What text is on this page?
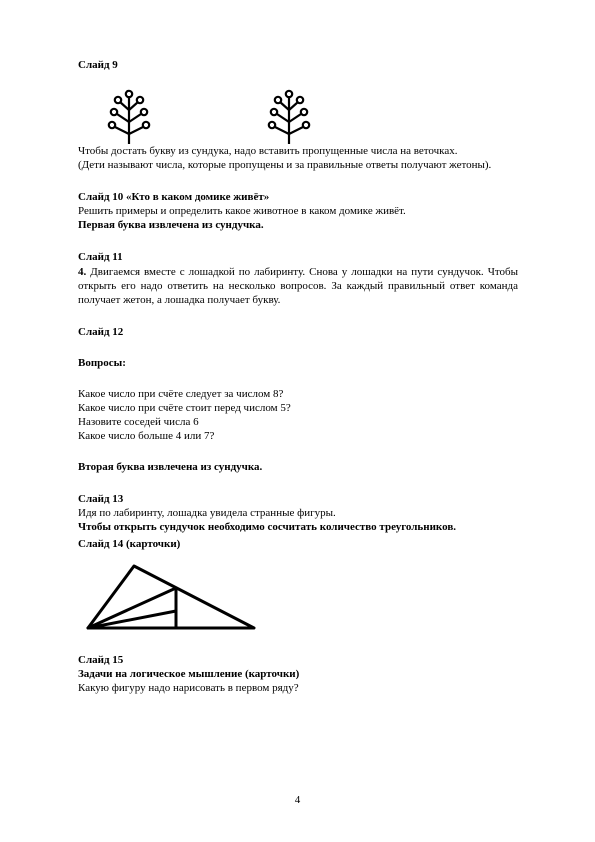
Слайд 9
Чтобы достать букву из сундука, надо вставить пропущенные числа на веточках.
(Дети называют числа, которые пропущены и за правильные ответы получают жетоны).
Слайд 10 «Кто в каком домике живёт»
Решить примеры и определить какое животное в каком домике живёт.
Первая буква извлечена из сундучка.
Слайд 11
4. Двигаемся вместе с лошадкой по лабиринту. Снова у лошадки на пути сундучок. Чтобы открыть его надо ответить на несколько вопросов. За каждый правильный ответ команда получает жетон, а лошадка получает букву.
Слайд 12
Вопросы:
Какое число при счёте следует за числом 8?
Какое число при счёте стоит перед числом 5?
Назовите соседей числа 6
Какое число больше 4 или 7?
Вторая буква извлечена из сундучка.
Слайд 13
Идя по лабиринту, лошадка увидела странные фигуры.
Чтобы открыть сундучок необходимо сосчитать количество треугольников.
Слайд 14 (карточки)
Слайд 15
Задачи на логическое мышление (карточки)
Какую фигуру надо нарисовать в первом ряду?
4
